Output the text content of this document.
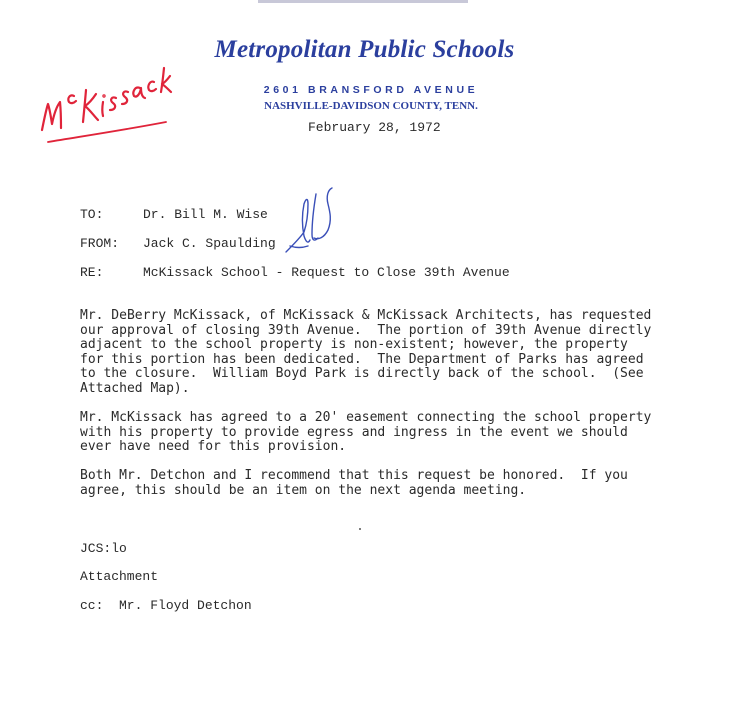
Metropolitan Public Schools
2601 BRANSFORD AVENUE
NASHVILLE-DAVIDSON COUNTY, TENN.
February 28, 1972
TO:	Dr. Bill M. Wise
FROM: Jack C. Spaulding
RE:	McKissack School - Request to Close 39th Avenue
Mr. DeBerry McKissack, of McKissack & McKissack Architects, has requested
our approval of closing 39th Avenue.  The portion of 39th Avenue directly
adjacent to the school property is non-existent; however, the property
for this portion has been dedicated.  The Department of Parks has agreed
to the closure.  William Boyd Park is directly back of the school.  (See
Attached Map).
Mr. McKissack has agreed to a 20' easement connecting the school property
with his property to provide egress and ingress in the event we should
ever have need for this provision.
Both Mr. Detchon and I recommend that this request be honored.  If you
agree, this should be an item on the next agenda meeting.
JCS:lo
Attachment
cc:  Mr. Floyd Detchon
